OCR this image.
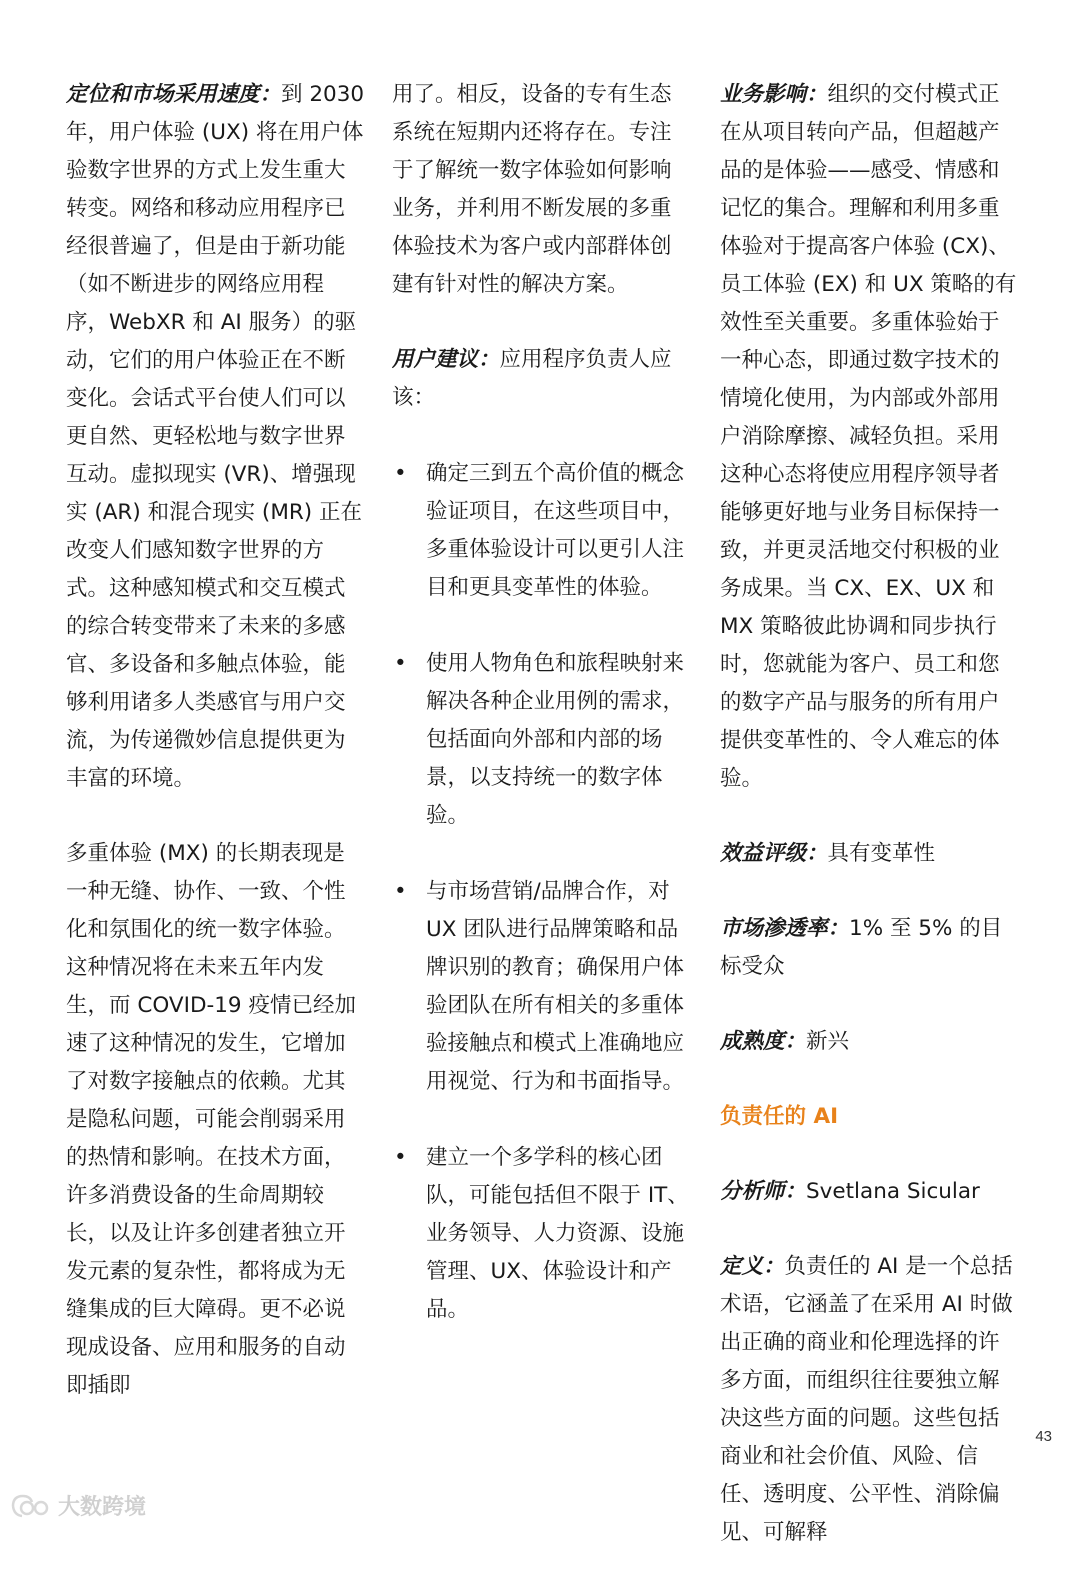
定位和市场采用速度：到 2030 年，用户体验 (UX) 将在用户体验数字世界的方式上发生重大转变。网络和移动应用程序已经很普遍了，但是由于新功能（如不断进步的网络应用程序，WebXR 和 AI 服务）的驱动，它们的用户体验正在不断变化。会话式平台使人们可以更自然、更轻松地与数字世界互动。虚拟现实 (VR)、增强现实 (AR) 和混合现实 (MR) 正在改变人们感知数字世界的方式。这种感知模式和交互模式的综合转变带来了未来的多感官、多设备和多触点体验，能够利用诸多人类感官与用户交流，为传递微妙信息提供更为丰富的环境。

多重体验 (MX) 的长期表现是一种无缝、协作、一致、个性化和氛围化的统一数字体验。这种情况将在未来五年内发生，而 COVID-19 疫情已经加速了这种情况的发生，它增加了对数字接触点的依赖。尤其是隐私问题，可能会削弱采用的热情和影响。在技术方面，许多消费设备的生命周期较长，以及让许多创建者独立开发元素的复杂性，都将成为无缝集成的巨大障碍。更不必说现成设备、应用和服务的自动即插即

用了。相反，设备的专有生态系统在短期内还将存在。专注于了解统一数字体验如何影响业务，并利用不断发展的多重体验技术为客户或内部群体创建有针对性的解决方案。

用户建议：应用程序负责人应该：

• 确定三到五个高价值的概念验证项目，在这些项目中，多重体验设计可以更引人注目和更具变革性的体验。
• 使用人物角色和旅程映射来解决各种企业用例的需求，包括面向外部和内部的场景，以支持统一的数字体验。
• 与市场营销/品牌合作，对 UX 团队进行品牌策略和品牌识别的教育；确保用户体验团队在所有相关的多重体验接触点和模式上准确地应用视觉、行为和书面指导。
• 建立一个多学科的核心团队，可能包括但不限于 IT、业务领导、人力资源、设施管理、UX、体验设计和产品。

业务影响：组织的交付模式正在从项目转向产品，但超越产品的是体验——感受、情感和记忆的集合。理解和利用多重体验对于提高客户体验 (CX)、员工体验 (EX) 和 UX 策略的有效性至关重要。多重体验始于一种心态，即通过数字技术的情境化使用，为内部或外部用户消除摩擦、减轻负担。采用这种心态将使应用程序领导者能够更好地与业务目标保持一致，并更灵活地交付积极的业务成果。当 CX、EX、UX 和 MX 策略彼此协调和同步执行时，您就能为客户、员工和您的数字产品与服务的所有用户提供变革性的、令人难忘的体验。

效益评级：具有变革性

市场渗透率：1% 至 5% 的目标受众

成熟度：新兴

负责任的 AI

分析师：Svetlana Sicular

定义：负责任的 AI 是一个总括术语，它涵盖了在采用 AI 时做出正确的商业和伦理选择的许多方面，而组织往往要独立解决这些方面的问题。这些包括商业和社会价值、风险、信任、透明度、公平性、消除偏见、可解释

43
大数跨境
